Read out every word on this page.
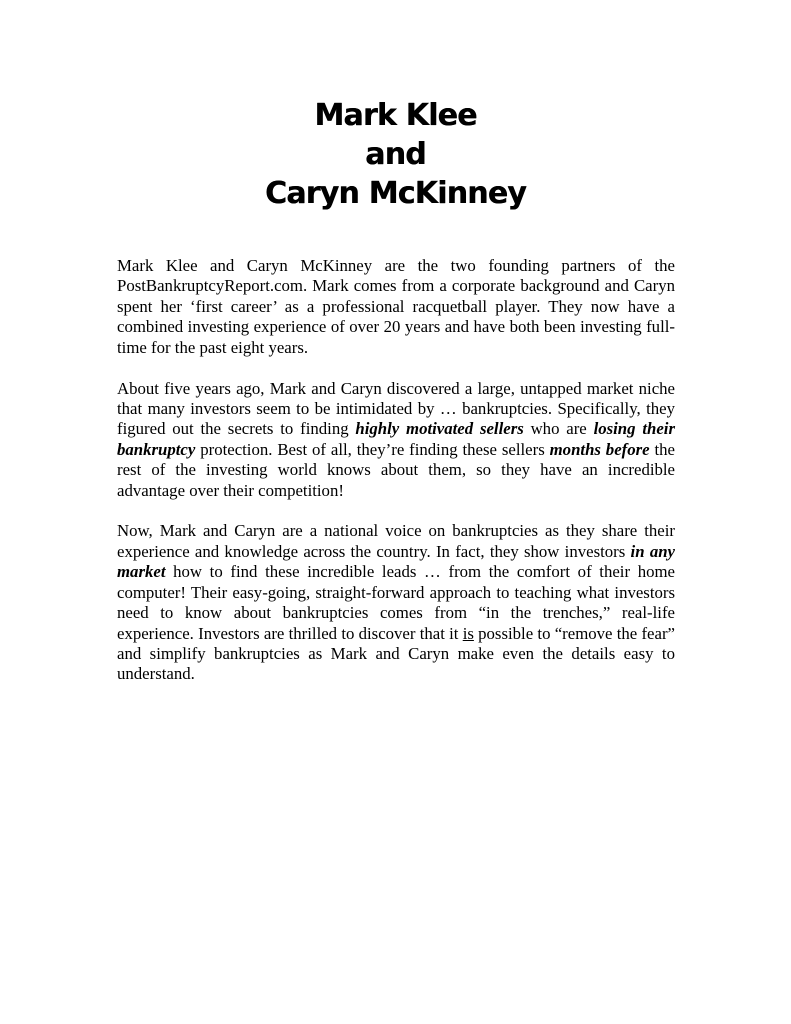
Mark Klee
and
Caryn McKinney

Mark Klee and Caryn McKinney are the two founding partners of the PostBankruptcyReport.com. Mark comes from a corporate background and Caryn spent her ‘first career’ as a professional racquetball player. They now have a combined investing experience of over 20 years and have both been investing full-time for the past eight years.

About five years ago, Mark and Caryn discovered a large, untapped market niche that many investors seem to be intimidated by … bankruptcies. Specifically, they figured out the secrets to finding highly motivated sellers who are losing their bankruptcy protection. Best of all, they’re finding these sellers months before the rest of the investing world knows about them, so they have an incredible advantage over their competition!

Now, Mark and Caryn are a national voice on bankruptcies as they share their experience and knowledge across the country. In fact, they show investors in any market how to find these incredible leads … from the comfort of their home computer! Their easy-going, straight-forward approach to teaching what investors need to know about bankruptcies comes from “in the trenches,” real-life experience. Investors are thrilled to discover that it is possible to “remove the fear” and simplify bankruptcies as Mark and Caryn make even the details easy to understand.
